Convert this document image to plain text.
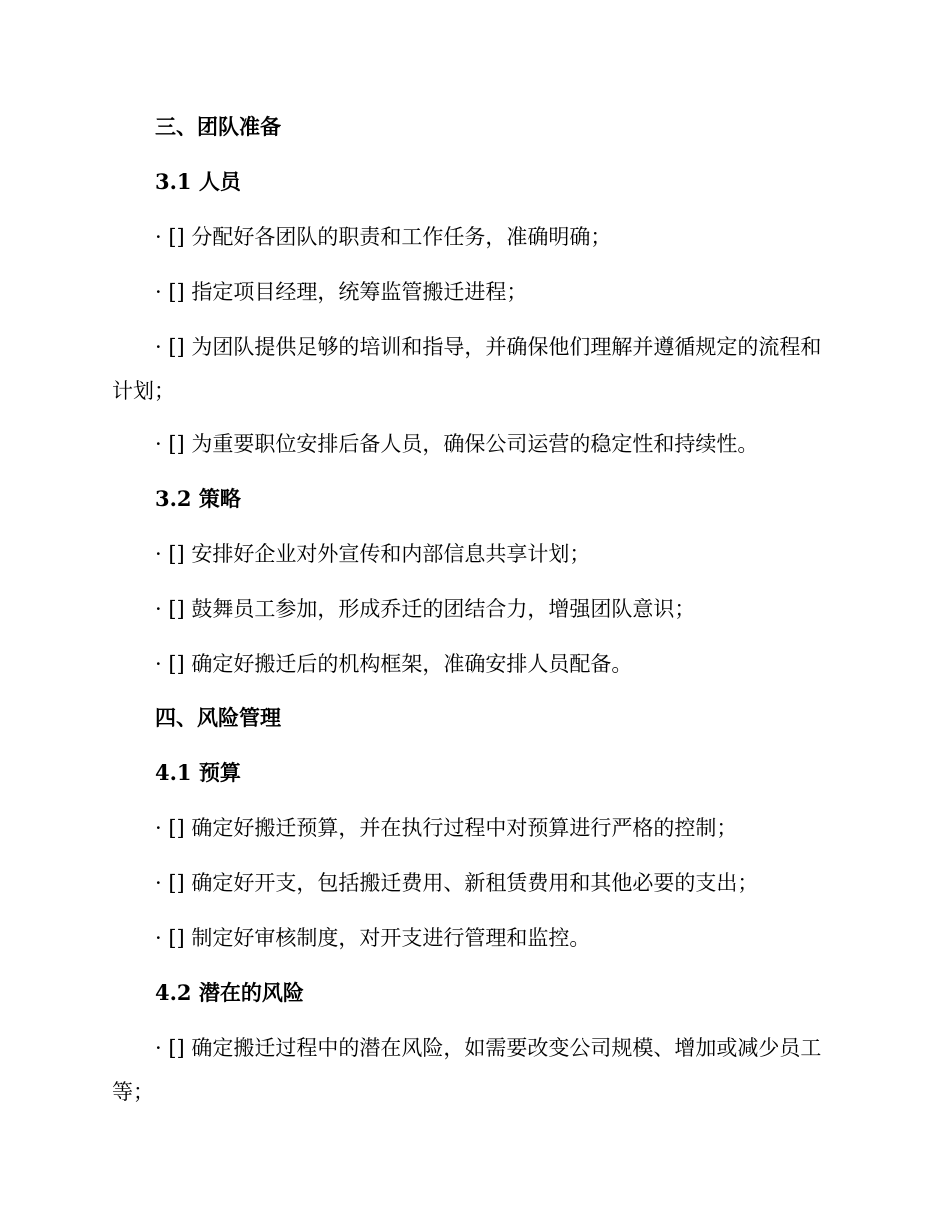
三、团队准备
3.1 人员
· [] 分配好各团队的职责和工作任务，准确明确；
· [] 指定项目经理，统筹监管搬迁进程；
· [] 为团队提供足够的培训和指导，并确保他们理解并遵循规定的流程和计划；
· [] 为重要职位安排后备人员，确保公司运营的稳定性和持续性。
3.2 策略
· [] 安排好企业对外宣传和内部信息共享计划；
· [] 鼓舞员工参加，形成乔迁的团结合力，增强团队意识；
· [] 确定好搬迁后的机构框架，准确安排人员配备。
四、风险管理
4.1 预算
· [] 确定好搬迁预算，并在执行过程中对预算进行严格的控制；
· [] 确定好开支，包括搬迁费用、新租赁费用和其他必要的支出；
· [] 制定好审核制度，对开支进行管理和监控。
4.2 潜在的风险
· [] 确定搬迁过程中的潜在风险，如需要改变公司规模、增加或减少员工等；
